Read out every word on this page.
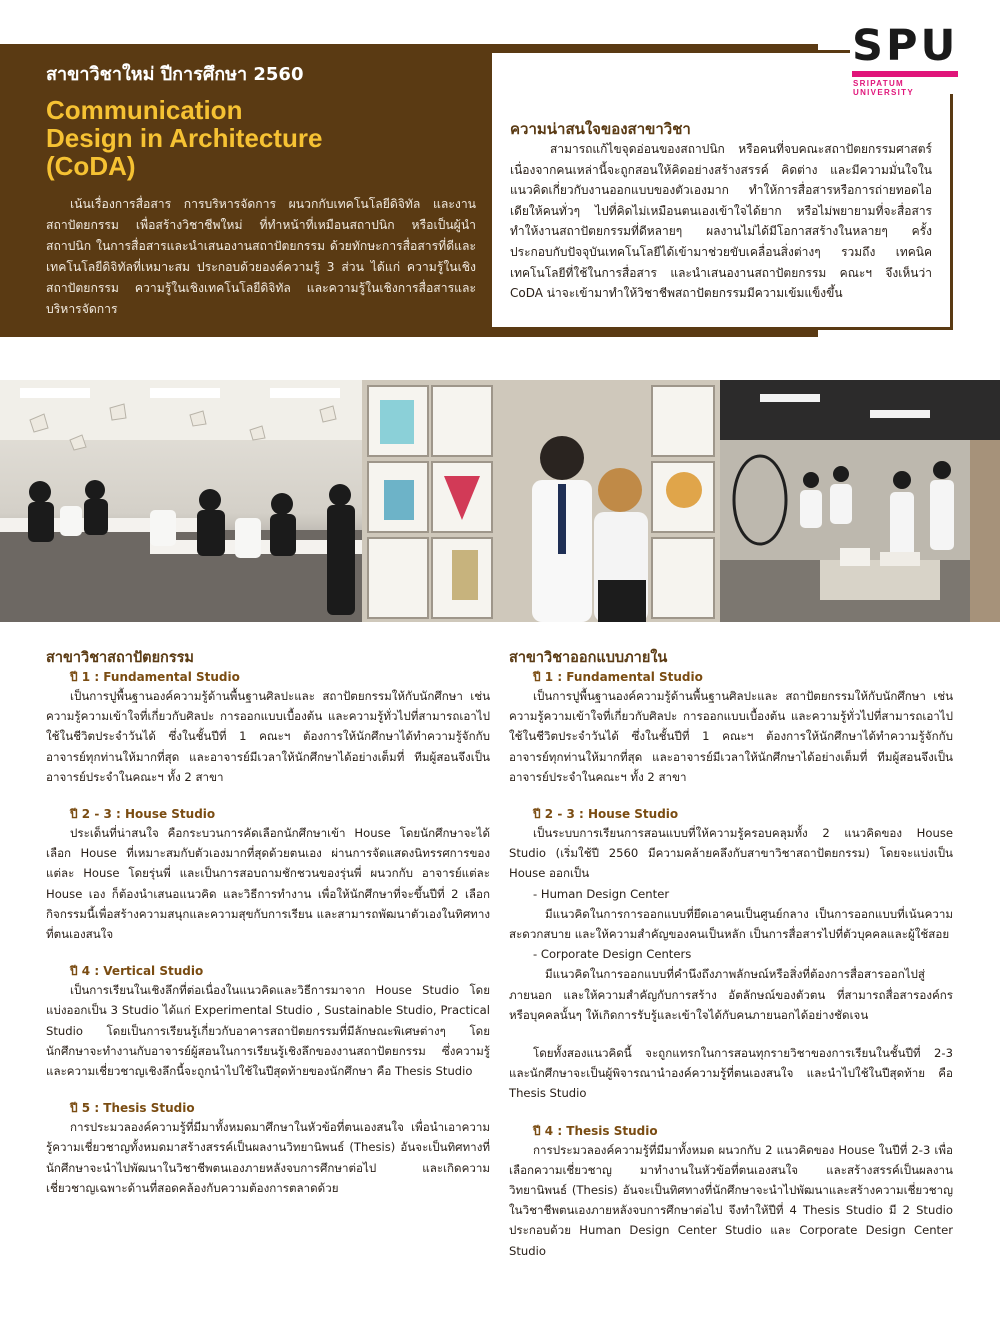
สาขาวิชาใหม่ ปีการศึกษา 2560
Communication
Design in Architecture
(CoDA)

เน้นเรื่องการสื่อสาร การบริหารจัดการ ผนวกกับเทคโนโลยีดิจิทัล และงานสถาปัตยกรรม เพื่อสร้างวิชาชีพใหม่ ที่ทำหน้าที่เหมือนสถาปนิก หรือเป็นผู้นำสถาปนิก ในการสื่อสารและนำเสนองานสถาปัตยกรรม ด้วยทักษะการสื่อสารที่ดีและเทคโนโลยีดิจิทัลที่เหมาะสม ประกอบด้วยองค์ความรู้ 3 ส่วน ได้แก่ ความรู้ในเชิงสถาปัตยกรรม ความรู้ในเชิงเทคโนโลยีดิจิทัล และความรู้ในเชิงการสื่อสารและบริหารจัดการ

ความน่าสนใจของสาขาวิชา

สามารถแก้ไขจุดอ่อนของสถาปนิก หรือคนที่จบคณะสถาปัตยกรรมศาสตร์ เนื่องจากคนเหล่านี้จะถูกสอนให้คิดอย่างสร้างสรรค์ คิดต่าง และมีความมั่นใจในแนวคิดเกี่ยวกับงานออกแบบของตัวเองมาก ทำให้การสื่อสารหรือการถ่ายทอดไอเดียให้คนทั่วๆ ไปที่คิดไม่เหมือนตนเองเข้าใจได้ยาก หรือไม่พยายามที่จะสื่อสาร ทำให้งานสถาปัตยกรรมที่ดีหลายๆ ผลงานไม่ได้มีโอกาสสร้างในหลายๆ ครั้ง ประกอบกับปัจจุบันเทคโนโลยีได้เข้ามาช่วยขับเคลื่อนสิ่งต่างๆ รวมถึง เทคนิคเทคโนโลยีที่ใช้ในการสื่อสาร และนำเสนองานสถาปัตยกรรม คณะฯ จึงเห็นว่า CoDA น่าจะเข้ามาทำให้วิชาชีพสถาปัตยกรรมมีความเข้มแข็งขึ้น

SPU
SRIPATUM
UNIVERSITY
สาขาวิชาสถาปัตยกรรม
ปี 1 : Fundamental Studio

เป็นการปูพื้นฐานองค์ความรู้ด้านพื้นฐานศิลปะและ สถาปัตยกรรมให้กับนักศึกษา เช่น ความรู้ความเข้าใจที่เกี่ยวกับศิลปะ การออกแบบเบื้องต้น และความรู้ทั่วไปที่สามารถเอาไปใช้ในชีวิตประจำวันได้ ซึ่งในชั้นปีที่ 1 คณะฯ ต้องการให้นักศึกษาได้ทำความรู้จักกับอาจารย์ทุกท่านให้มากที่สุด และอาจารย์มีเวลาให้นักศึกษาได้อย่างเต็มที่ ทีมผู้สอนจึงเป็นอาจารย์ประจำในคณะฯ ทั้ง 2 สาขา

ปี 2 - 3 : House Studio

ประเด็นที่น่าสนใจ คือกระบวนการคัดเลือกนักศึกษาเข้า House โดยนักศึกษาจะได้เลือก House ที่เหมาะสมกับตัวเองมากที่สุดด้วยตนเอง ผ่านการจัดแสดงนิทรรศการของแต่ละ House โดยรุ่นพี่ และเป็นการสอบถามชักชวนของรุ่นพี่ ผนวกกับ อาจารย์แต่ละ House เอง ก็ต้องนำเสนอแนวคิด และวิธีการทำงาน เพื่อให้นักศึกษาที่จะขึ้นปีที่ 2 เลือกกิจกรรมนี้เพื่อสร้างความสนุกและความสุขกับการเรียน และสามารถพัฒนาตัวเองในทิศทางที่ตนเองสนใจ

ปี 4 : Vertical Studio

เป็นการเรียนในเชิงลึกที่ต่อเนื่องในแนวคิดและวิธีการมาจาก House Studio โดยแบ่งออกเป็น 3 Studio ได้แก่ Experimental Studio , Sustainable Studio, Practical Studio โดยเป็นการเรียนรู้เกี่ยวกับอาคารสถาปัตยกรรมที่มีลักษณะพิเศษต่างๆ โดยนักศึกษาจะทำงานกับอาจารย์ผู้สอนในการเรียนรู้เชิงลึกของงานสถาปัตยกรรม ซึ่งความรู้และความเชี่ยวชาญเชิงลึกนี้จะถูกนำไปใช้ในปีสุดท้ายของนักศึกษา คือ Thesis Studio

ปี 5 : Thesis Studio

การประมวลองค์ความรู้ที่มีมาทั้งหมดมาศึกษาในหัวข้อที่ตนเองสนใจ เพื่อนำเอาความรู้ความเชี่ยวชาญทั้งหมดมาสร้างสรรค์เป็นผลงานวิทยานิพนธ์ (Thesis) อันจะเป็นทิศทางที่นักศึกษาจะนำไปพัฒนาในวิชาชีพตนเองภายหลังจบการศึกษาต่อไป และเกิดความเชี่ยวชาญเฉพาะด้านที่สอดคล้องกับความต้องการตลาดด้วย

สาขาวิชาออกแบบภายใน
ปี 1 : Fundamental Studio

เป็นการปูพื้นฐานองค์ความรู้ด้านพื้นฐานศิลปะและ สถาปัตยกรรมให้กับนักศึกษา เช่น ความรู้ความเข้าใจที่เกี่ยวกับศิลปะ การออกแบบเบื้องต้น และความรู้ทั่วไปที่สามารถเอาไปใช้ในชีวิตประจำวันได้ ซึ่งในชั้นปีที่ 1 คณะฯ ต้องการให้นักศึกษาได้ทำความรู้จักกับอาจารย์ทุกท่านให้มากที่สุด และอาจารย์มีเวลาให้นักศึกษาได้อย่างเต็มที่ ทีมผู้สอนจึงเป็นอาจารย์ประจำในคณะฯ ทั้ง 2 สาขา

ปี 2 - 3 : House Studio

เป็นระบบการเรียนการสอนแบบที่ให้ความรู้ครอบคลุมทั้ง 2 แนวคิดของ House Studio (เริ่มใช้ปี 2560 มีความคล้ายคลึงกับสาขาวิชาสถาปัตยกรรม) โดยจะแบ่งเป็น House ออกเป็น

- Human Design Center

มีแนวคิดในการการออกแบบที่ยึดเอาคนเป็นศูนย์กลาง เป็นการออกแบบที่เน้นความสะดวกสบาย และให้ความสำคัญของคนเป็นหลัก เป็นการสื่อสารไปที่ตัวบุคคลและผู้ใช้สอย

- Corporate Design Centers

มีแนวคิดในการออกแบบที่คำนึงถึงภาพลักษณ์หรือสิ่งที่ต้องการสื่อสารออกไปสู่ภายนอก และให้ความสำคัญกับการสร้าง อัตลักษณ์ของตัวตน ที่สามารถสื่อสารองค์กร หรือบุคคลนั้นๆ ให้เกิดการรับรู้และเข้าใจได้กับคนภายนอกได้อย่างชัดเจน

โดยทั้งสองแนวคิดนี้ จะถูกแทรกในการสอนทุกรายวิชาของการเรียนในชั้นปีที่ 2-3 และนักศึกษาจะเป็นผู้พิจารณานำองค์ความรู้ที่ตนเองสนใจ และนำไปใช้ในปีสุดท้าย คือ Thesis Studio

ปี 4 : Thesis Studio

การประมวลองค์ความรู้ที่มีมาทั้งหมด ผนวกกับ 2 แนวคิดของ House ในปีที่ 2-3 เพื่อเลือกความเชี่ยวชาญ มาทำงานในหัวข้อที่ตนเองสนใจ และสร้างสรรค์เป็นผลงานวิทยานิพนธ์ (Thesis) อันจะเป็นทิศทางที่นักศึกษาจะนำไปพัฒนาและสร้างความเชี่ยวชาญในวิชาชีพตนเองภายหลังจบการศึกษาต่อไป จึงทำให้ปีที่ 4 Thesis Studio มี 2 Studio ประกอบด้วย Human Design Center Studio และ Corporate Design Center Studio
